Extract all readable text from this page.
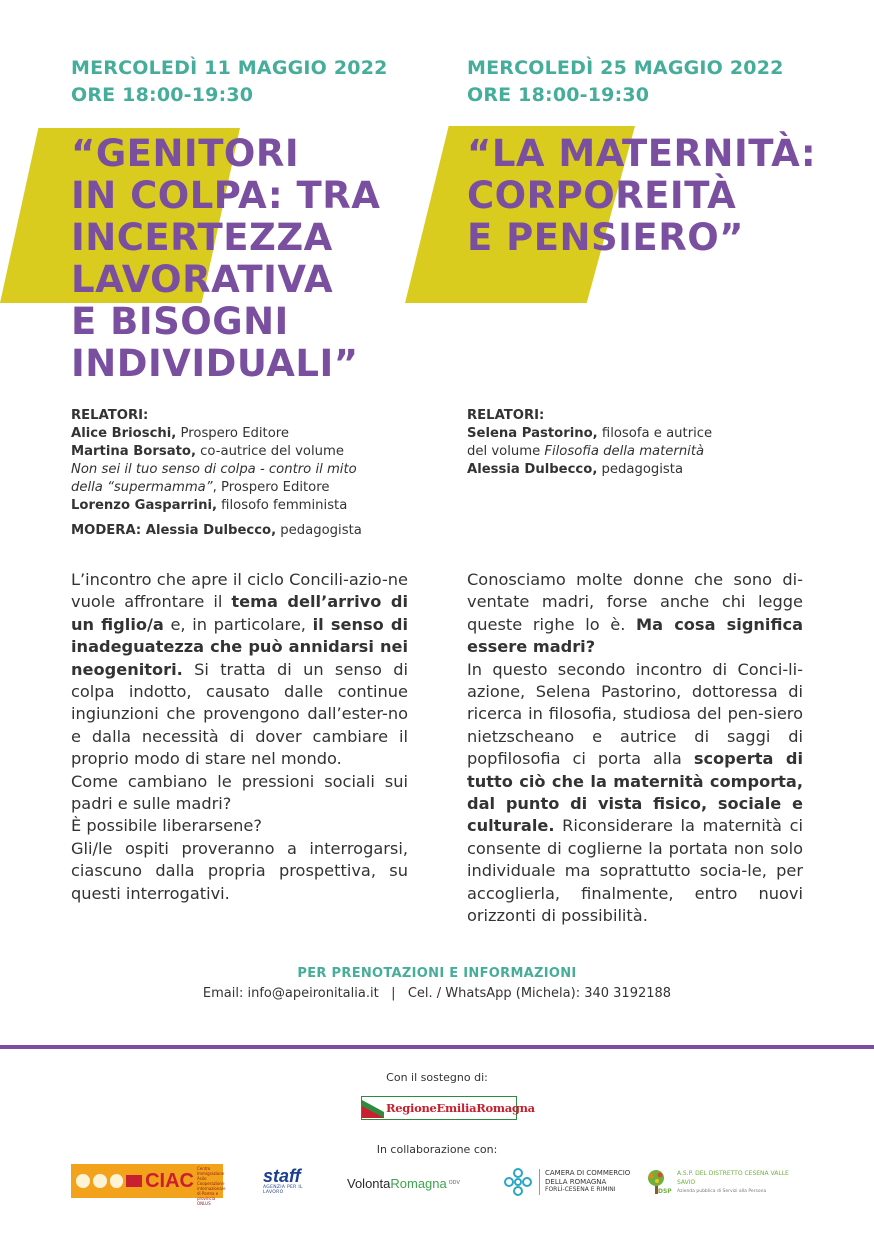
MERCOLEDÌ 11 MAGGIO 2022
ORE 18:00-19:30
“GENITORI
IN COLPA: TRA
INCERTEZZA
LAVORATIVA
E BISOGNI
INDIVIDUALI”
RELATORI:
Alice Brioschi, Prospero Editore
Martina Borsato, co-autrice del volume
Non sei il tuo senso di colpa - contro il mito
della “supermamma”, Prospero Editore
Lorenzo Gasparrini, filosofo femminista
MODERA: Alessia Dulbecco, pedagogista

L’incontro che apre il ciclo Concili-azio-ne vuole affrontare il tema dell’arrivo di un figlio/a e, in particolare, il senso di inadeguatezza che può annidarsi nei neogenitori. Si tratta di un senso di colpa indotto, causato dalle continue ingiunzioni che provengono dall’ester-no e dalla necessità di dover cambiare il proprio modo di stare nel mondo.

Come cambiano le pressioni sociali sui padri e sulle madri?

È possibile liberarsene?

Gli/le ospiti proveranno a interrogarsi, ciascuno dalla propria prospettiva, su questi interrogativi.

MERCOLEDÌ 25 MAGGIO 2022
ORE 18:00-19:30
“LA MATERNITÀ:
CORPOREITÀ
E PENSIERO”
RELATORI:
Selena Pastorino, filosofa e autrice
del volume Filosofia della maternità
Alessia Dulbecco, pedagogista

Conosciamo molte donne che sono di-ventate madri, forse anche chi legge queste righe lo è. Ma cosa significa essere madri?

In questo secondo incontro di Conci-li-azione, Selena Pastorino, dottoressa di ricerca in filosofia, studiosa del pen-siero nietzscheano e autrice di saggi di popfilosofia ci porta alla scoperta di tutto ciò che la maternità comporta, dal punto di vista fisico, sociale e culturale. Riconsiderare la maternità ci consente di coglierne la portata non solo individuale ma soprattutto socia-le, per accoglierla, finalmente, entro nuovi orizzonti di possibilità.

PER PRENOTAZIONI E INFORMAZIONI
Email: info@apeironitalia.it   |   Cel. / WhatsApp (Michela): 340 3192188
Con il sostegno di:
RegioneEmiliaRomagna
In collaborazione con:
CIAC
Centro Immigrazione Asilo Cooperazione internazionale di Parma e provincia ONLUS
staff
AGENZIA PER IL LAVORO
Volonta Romagna ODV
CAMERA DI COMMERCIO
DELLA ROMAGNA
FORLÌ-CESENA E RIMINI	DSP
A.S.P. DEL DISTRETTO CESENA VALLE SAVIO
Azienda pubblica di Servizi alla Persona
